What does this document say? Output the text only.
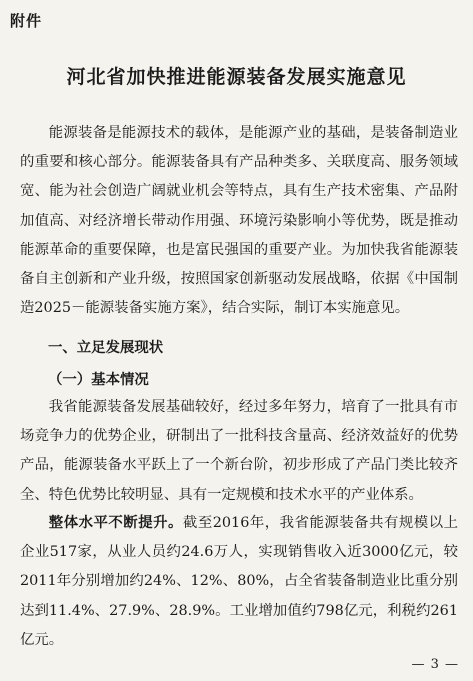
附件
河北省加快推进能源装备发展实施意见

能源装备是能源技术的载体，是能源产业的基础，是装备制造业的重要和核心部分。能源装备具有产品种类多、关联度高、服务领域宽、能为社会创造广阔就业机会等特点，具有生产技术密集、产品附加值高、对经济增长带动作用强、环境污染影响小等优势，既是推动能源革命的重要保障，也是富民强国的重要产业。为加快我省能源装备自主创新和产业升级，按照国家创新驱动发展战略，依据《中国制造2025－能源装备实施方案》，结合实际，制订本实施意见。

一、立足发展现状
（一）基本情况

我省能源装备发展基础较好，经过多年努力，培育了一批具有市场竞争力的优势企业，研制出了一批科技含量高、经济效益好的优势产品，能源装备水平跃上了一个新台阶，初步形成了产品门类比较齐全、特色优势比较明显、具有一定规模和技术水平的产业体系。

整体水平不断提升。截至2016年，我省能源装备共有规模以上企业517家，从业人员约24.6万人，实现销售收入近3000亿元，较2011年分别增加约24%、12%、80%，占全省装备制造业比重分别达到11.4%、27.9%、28.9%。工业增加值约798亿元，利税约261亿元。

— 3 —
